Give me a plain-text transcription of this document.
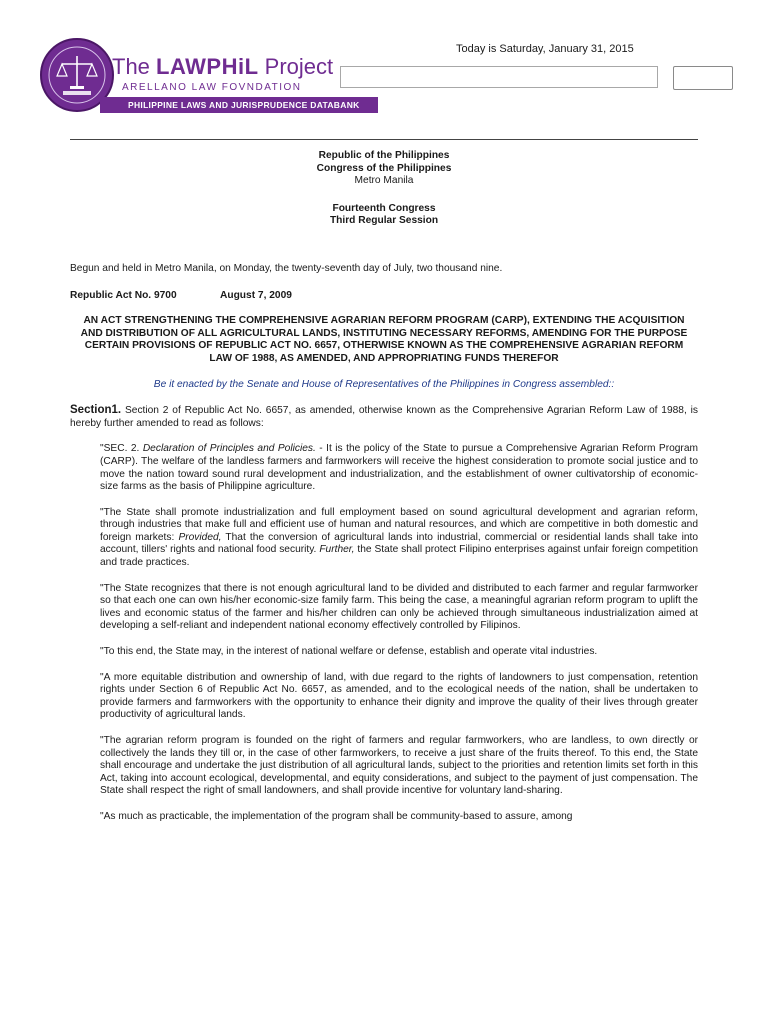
The LAWPHiL Project
ARELLANO LAW FOVNDATION
PHILIPPINE LAWS AND JURISPRUDENCE DATABANK
Today is Saturday, January 31, 2015
Republic of the Philippines
Congress of the Philippines
Metro Manila
Fourteenth Congress
Third Regular Session

Begun and held in Metro Manila, on Monday, the twenty-seventh day of July, two thousand nine.

Republic Act No. 9700	August 7, 2009
AN ACT STRENGTHENING THE COMPREHENSIVE AGRARIAN REFORM PROGRAM (CARP), EXTENDING THE ACQUISITION AND DISTRIBUTION OF ALL AGRICULTURAL LANDS, INSTITUTING NECESSARY REFORMS, AMENDING FOR THE PURPOSE CERTAIN PROVISIONS OF REPUBLIC ACT NO. 6657, OTHERWISE KNOWN AS THE COMPREHENSIVE AGRARIAN REFORM LAW OF 1988, AS AMENDED, AND APPROPRIATING FUNDS THEREFOR
Be it enacted by the Senate and House of Representatives of the Philippines in Congress assembled::

Section1. Section 2 of Republic Act No. 6657, as amended, otherwise known as the Comprehensive Agrarian Reform Law of 1988, is hereby further amended to read as follows:

"SEC. 2. Declaration of Principles and Policies. - It is the policy of the State to pursue a Comprehensive Agrarian Reform Program (CARP). The welfare of the landless farmers and farmworkers will receive the highest consideration to promote social justice and to move the nation toward sound rural development and industrialization, and the establishment of owner cultivatorship of economic-size farms as the basis of Philippine agriculture.

"The State shall promote industrialization and full employment based on sound agricultural development and agrarian reform, through industries that make full and efficient use of human and natural resources, and which are competitive in both domestic and foreign markets: Provided, That the conversion of agricultural lands into industrial, commercial or residential lands shall take into account, tillers' rights and national food security. Further, the State shall protect Filipino enterprises against unfair foreign competition and trade practices.

"The State recognizes that there is not enough agricultural land to be divided and distributed to each farmer and regular farmworker so that each one can own his/her economic-size family farm. This being the case, a meaningful agrarian reform program to uplift the lives and economic status of the farmer and his/her children can only be achieved through simultaneous industrialization aimed at developing a self-reliant and independent national economy effectively controlled by Filipinos.

"To this end, the State may, in the interest of national welfare or defense, establish and operate vital industries.

"A more equitable distribution and ownership of land, with due regard to the rights of landowners to just compensation, retention rights under Section 6 of Republic Act No. 6657, as amended, and to the ecological needs of the nation, shall be undertaken to provide farmers and farmworkers with the opportunity to enhance their dignity and improve the quality of their lives through greater productivity of agricultural lands.

"The agrarian reform program is founded on the right of farmers and regular farmworkers, who are landless, to own directly or collectively the lands they till or, in the case of other farmworkers, to receive a just share of the fruits thereof. To this end, the State shall encourage and undertake the just distribution of all agricultural lands, subject to the priorities and retention limits set forth in this Act, taking into account ecological, developmental, and equity considerations, and subject to the payment of just compensation. The State shall respect the right of small landowners, and shall provide incentive for voluntary land-sharing.

"As much as practicable, the implementation of the program shall be community-based to assure, among
